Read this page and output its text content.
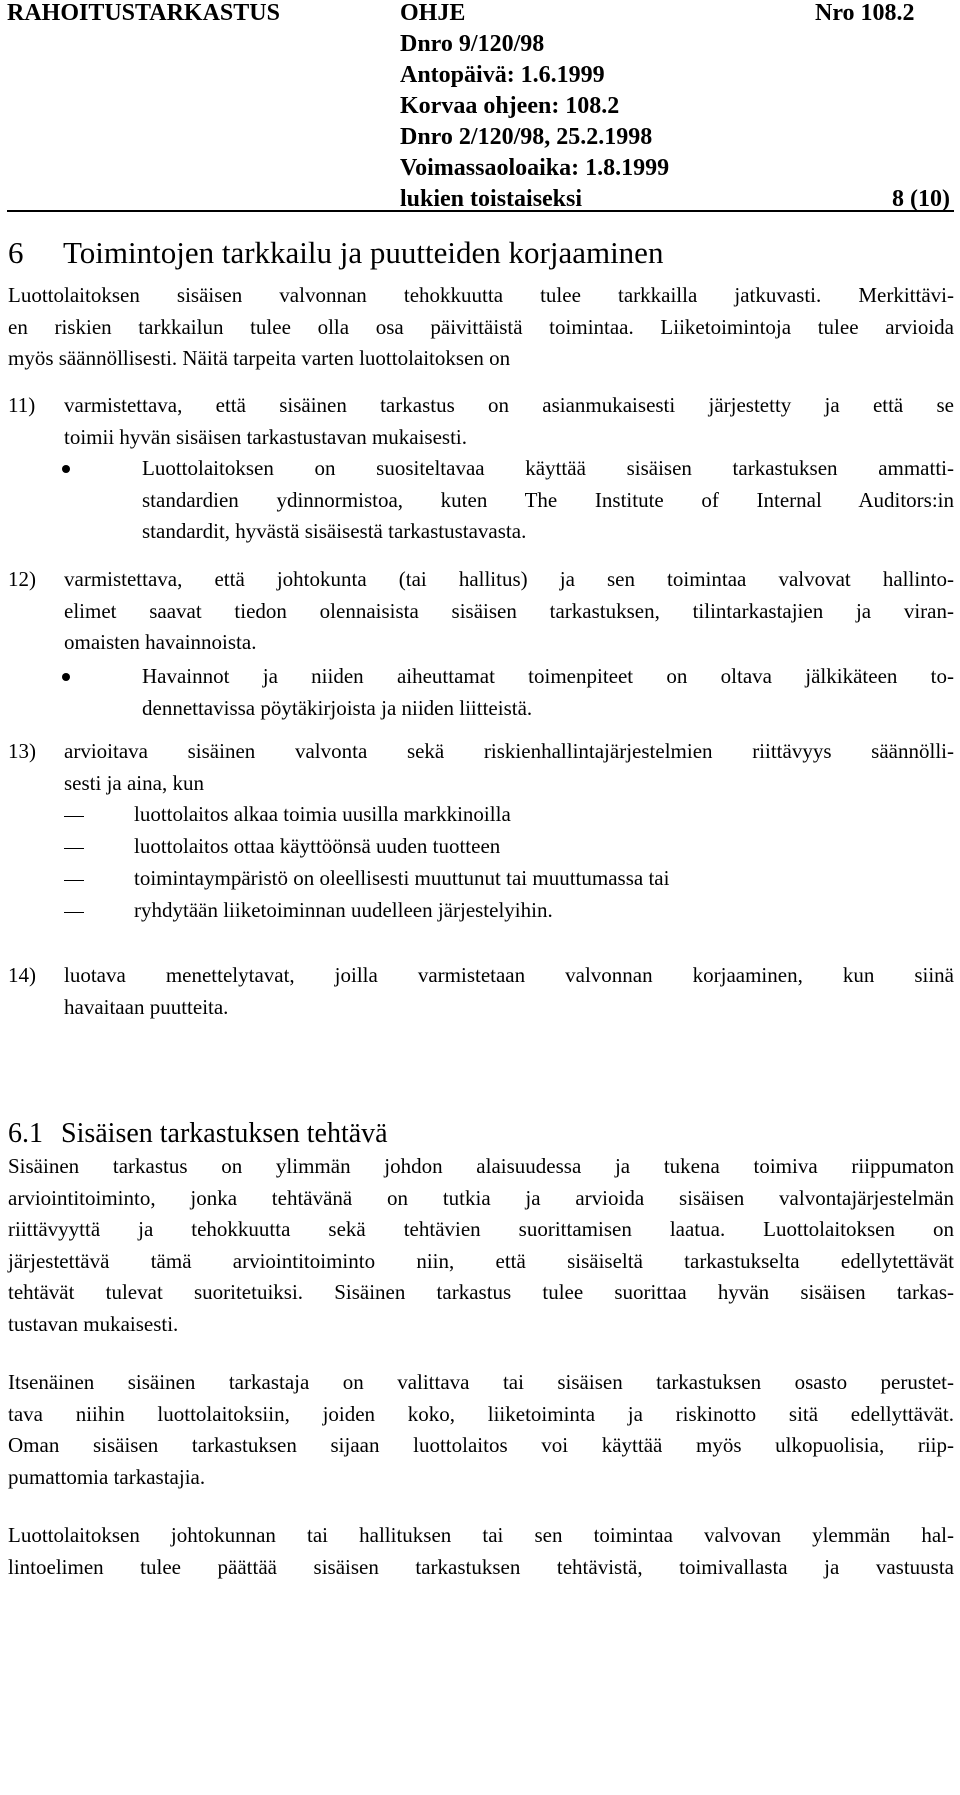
RAHOITUSTARKASTUS	OHJE	Nro 108.2
Dnro 9/120/98
Antopäivä: 1.6.1999
Korvaa ohjeen: 108.2
Dnro 2/120/98, 25.2.1998
Voimassaoloaika: 1.8.1999
lukien toistaiseksi	8 (10)
6 Toimintojen tarkkailu ja puutteiden korjaaminen
Luottolaitoksen sisäisen valvonnan tehokkuutta tulee tarkkailla jatkuvasti. Merkittävi-
en riskien tarkkailun tulee olla osa päivittäistä toimintaa. Liiketoimintoja tulee arvioida
myös säännöllisesti. Näitä tarpeita varten luottolaitoksen on
11) varmistettava, että sisäinen tarkastus on asianmukaisesti järjestetty ja että se
toimii hyvän sisäisen tarkastustavan mukaisesti.
Luottolaitoksen on suositeltavaa käyttää sisäisen tarkastuksen ammatti-
standardien ydinnormistoa, kuten The Institute of Internal Auditors:in
standardit, hyvästä sisäisestä tarkastustavasta.
12) varmistettava, että johtokunta (tai hallitus) ja sen toimintaa valvovat hallinto-
elimet saavat tiedon olennaisista sisäisen tarkastuksen, tilintarkastajien ja viran-
omaisten havainnoista.
Havainnot ja niiden aiheuttamat toimenpiteet on oltava jälkikäteen to-
dennettavissa pöytäkirjoista ja niiden liitteistä.
13) arvioitava sisäinen valvonta sekä riskienhallintajärjestelmien riittävyys säännölli-
sesti ja aina, kun
luottolaitos alkaa toimia uusilla markkinoilla
luottolaitos ottaa käyttöönsä uuden tuotteen
toimintaympäristö on oleellisesti muuttunut tai muuttumassa tai
ryhdytään liiketoiminnan uudelleen järjestelyihin.
14) luotava menettelytavat, joilla varmistetaan valvonnan korjaaminen, kun siinä
havaitaan puutteita.
6.1 Sisäisen tarkastuksen tehtävä
Sisäinen tarkastus on ylimmän johdon alaisuudessa ja tukena toimiva riippumaton
arviointitoiminto, jonka tehtävänä on tutkia ja arvioida sisäisen valvontajärjestelmän
riittävyyttä ja tehokkuutta sekä tehtävien suorittamisen laatua. Luottolaitoksen on
järjestettävä tämä arviointitoiminto niin, että sisäiseltä tarkastukselta edellytettävät
tehtävät tulevat suoritetuiksi. Sisäinen tarkastus tulee suorittaa hyvän sisäisen tarkas-
tustavan mukaisesti.
Itsenäinen sisäinen tarkastaja on valittava tai sisäisen tarkastuksen osasto perustet-
tava niihin luottolaitoksiin, joiden koko, liiketoiminta ja riskinotto sitä edellyttävät.
Oman sisäisen tarkastuksen sijaan luottolaitos voi käyttää myös ulkopuolisia, riip-
pumattomia tarkastajia.
Luottolaitoksen johtokunnan tai hallituksen tai sen toimintaa valvovan ylemmän hal-
lintoelimen tulee päättää sisäisen tarkastuksen tehtävistä, toimivallasta ja vastuusta
